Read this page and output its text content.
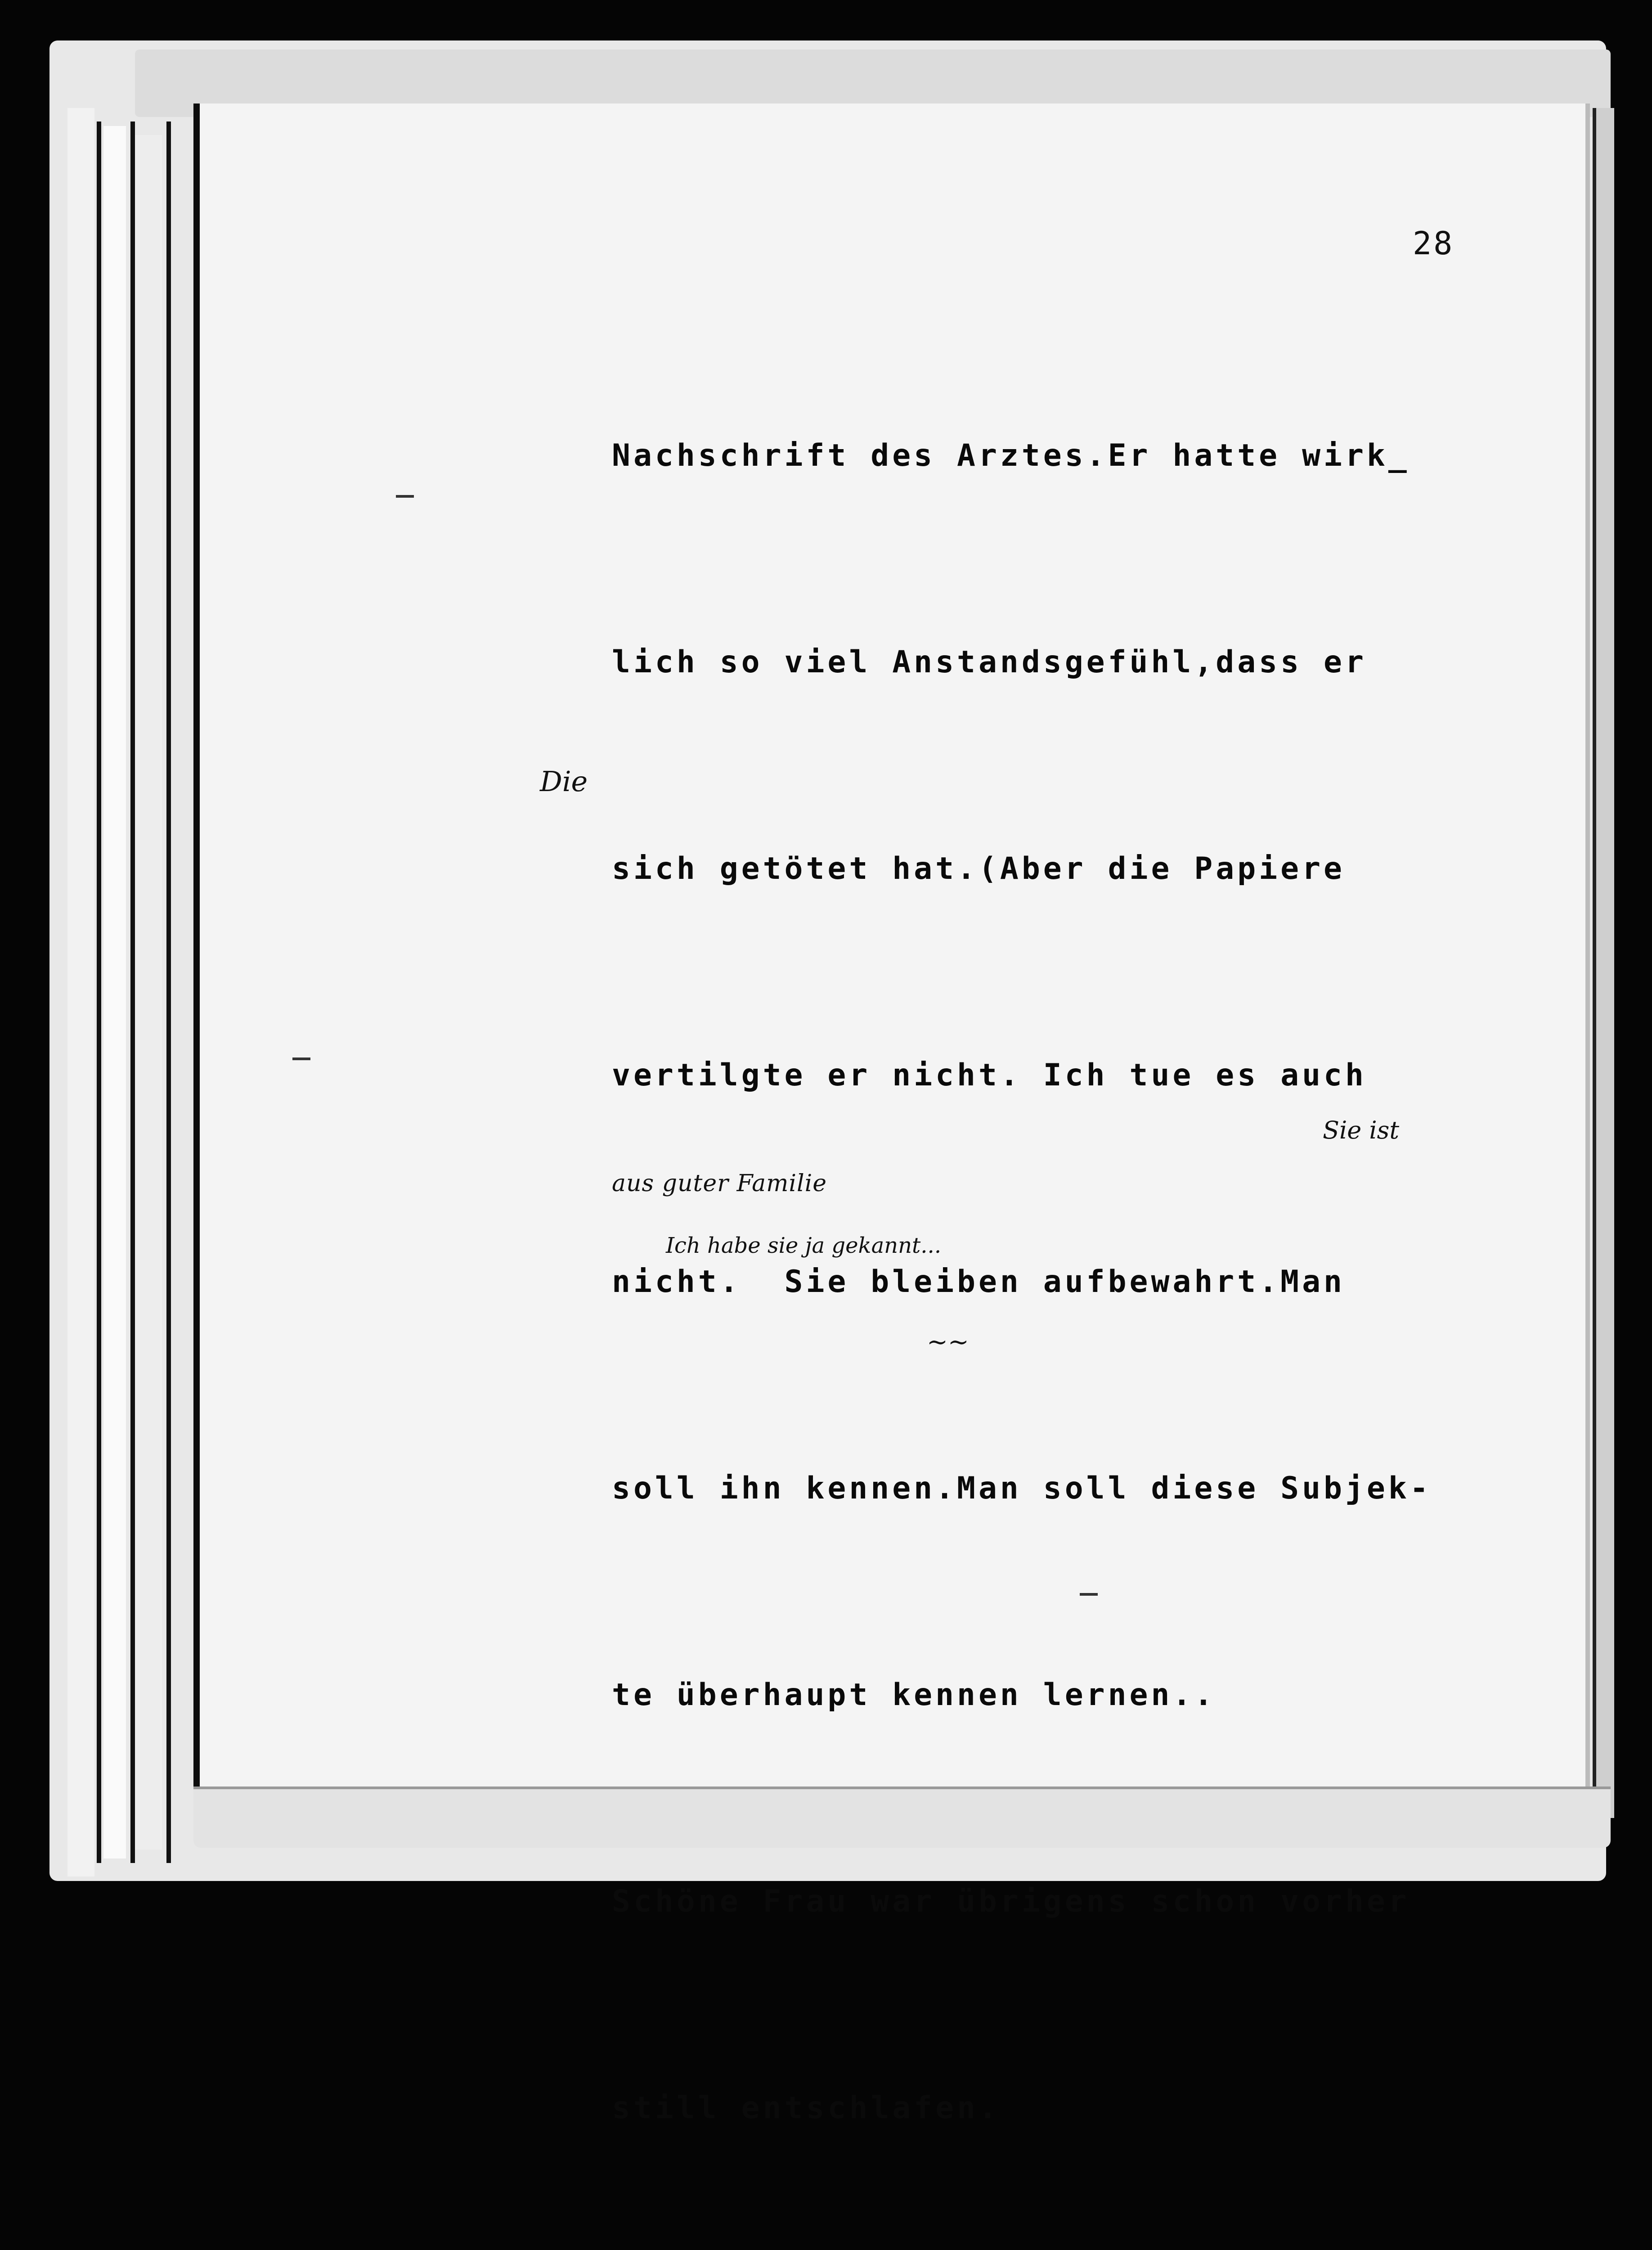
28

Nachschrift des Arztes.Er hatte wirk_

lich so viel Anstandsgefühl,dass er

sich getötet hat.(Aber die Papiere

vertilgte er nicht. Ich tue es auch

nicht.  Sie bleiben aufbewahrt.Man

soll ihn kennen.Man soll diese Subjek-

te überhaupt kennen lernen..

Schöne Frau war übrigens schon vorher

still entschlafen.

Die
Sie ist
aus guter Familie
Ich habe sie ja gekannt...
~~
